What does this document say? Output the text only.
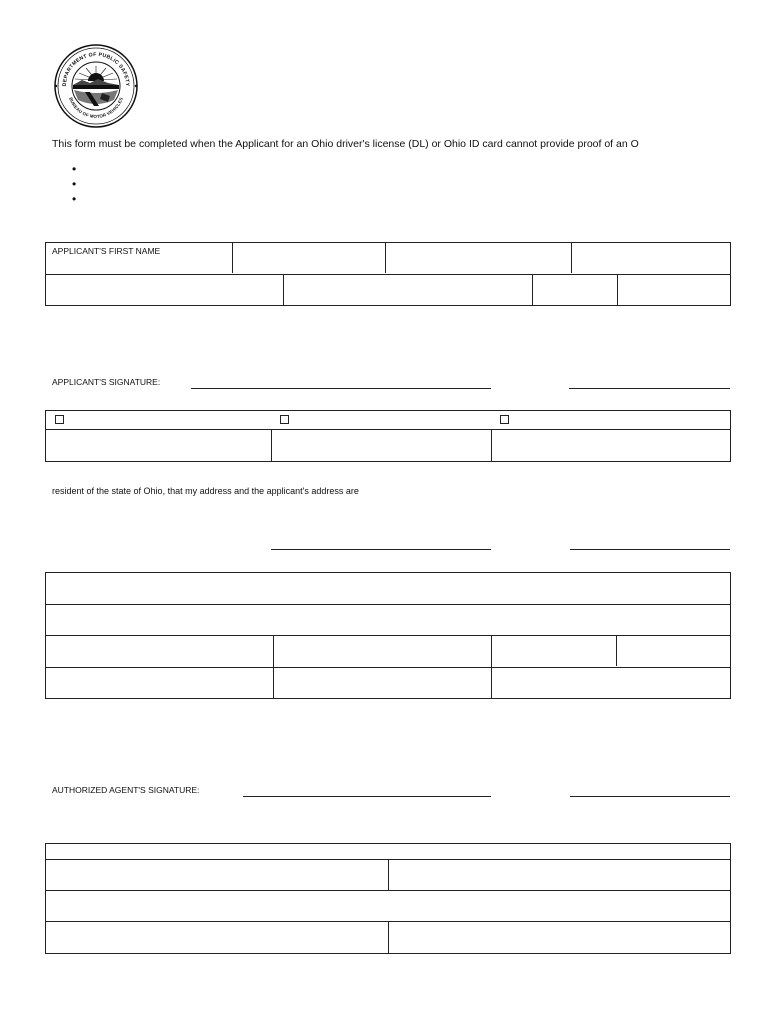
DEPARTMENT OF PUBLIC SAFETY
BUREAU OF MOTOR VEHICLES
This form must be completed when the Applicant for an Ohio driver's license (DL) or Ohio ID card cannot provide proof of an O
•
•
•
APPLICANT'S FIRST NAME
APPLICANT'S SIGNATURE:
resident of the state of Ohio, that my address and the applicant's address are
AUTHORIZED AGENT'S SIGNATURE:
